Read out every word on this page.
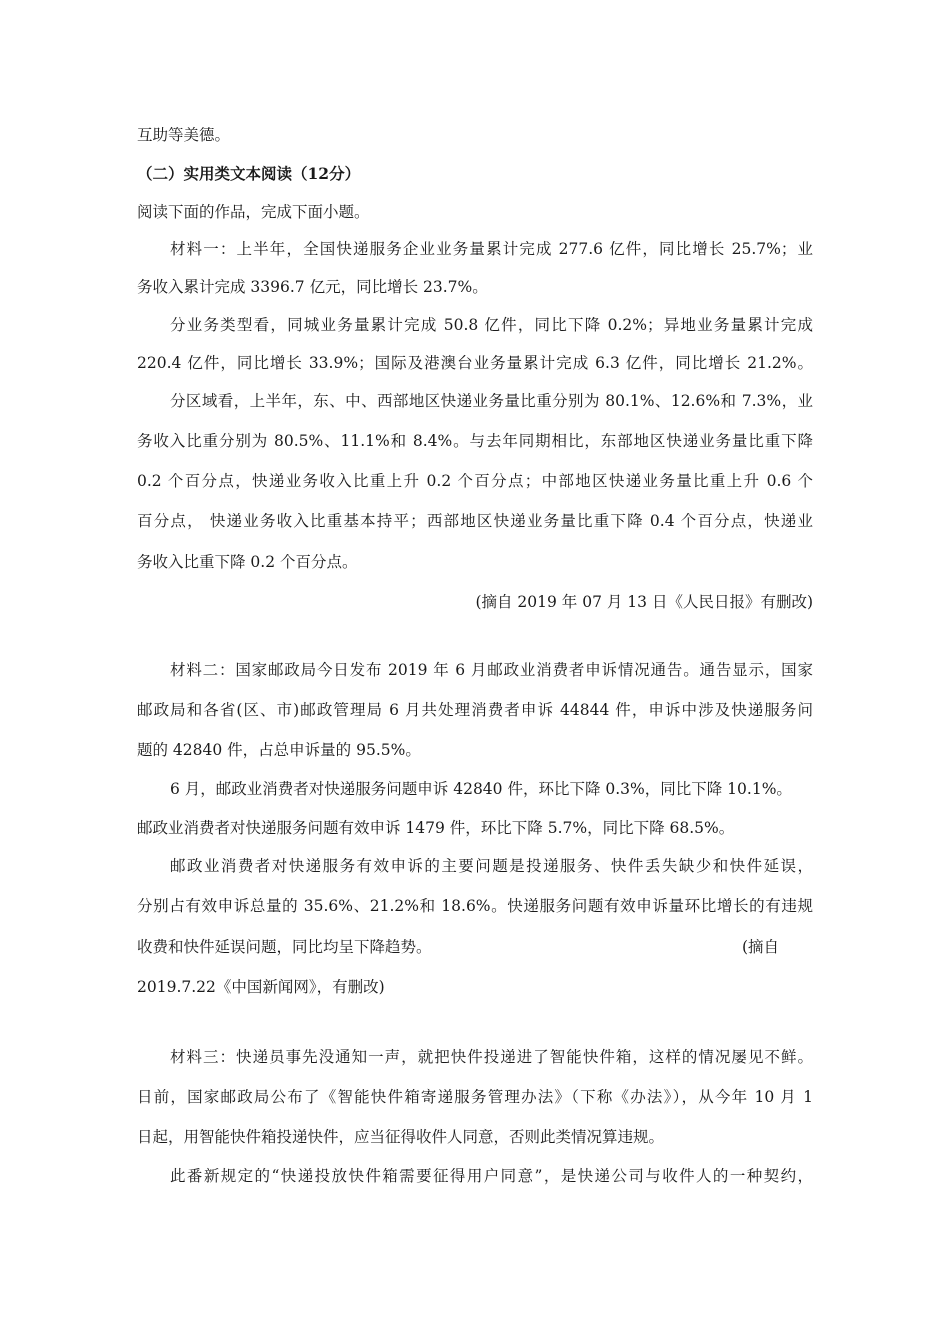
互助等美德。

（二）实用类文本阅读（12分）

阅读下面的作品，完成下面小题。

材料一：上半年，全国快递服务企业业务量累计完成 277.6 亿件，同比增长 25.7%；业

务收入累计完成 3396.7 亿元，同比增长 23.7%。

分业务类型看，同城业务量累计完成 50.8 亿件，同比下降 0.2%；异地业务量累计完成

220.4 亿件，同比增长 33.9%；国际及港澳台业务量累计完成 6.3 亿件，同比增长 21.2%。

分区域看，上半年，东、中、西部地区快递业务量比重分别为 80.1%、12.6%和 7.3%，业

务收入比重分别为 80.5%、11.1%和 8.4%。与去年同期相比，东部地区快递业务量比重下降

0.2 个百分点，快递业务收入比重上升 0.2 个百分点；中部地区快递业务量比重上升 0.6 个

百分点， 快递业务收入比重基本持平；西部地区快递业务量比重下降 0.4 个百分点，快递业

务收入比重下降 0.2 个百分点。

(摘自 2019 年 07 月 13 日《人民日报》有删改)

材料二：国家邮政局今日发布 2019 年 6 月邮政业消费者申诉情况通告。通告显示，国家

邮政局和各省(区、市)邮政管理局 6 月共处理消费者申诉 44844 件，申诉中涉及快递服务问

题的 42840 件，占总申诉量的 95.5%。

6 月，邮政业消费者对快递服务问题申诉 42840 件，环比下降 0.3%，同比下降 10.1%。

邮政业消费者对快递服务问题有效申诉 1479 件，环比下降 5.7%，同比下降 68.5%。

邮政业消费者对快递服务有效申诉的主要问题是投递服务、快件丢失缺少和快件延误，

分别占有效申诉总量的 35.6%、21.2%和 18.6%。快递服务问题有效申诉量环比增长的有违规

收费和快件延误问题，同比均呈下降趋势。	(摘自

2019.7.22《中国新闻网》，有删改)

材料三：快递员事先没通知一声，就把快件投递进了智能快件箱，这样的情况屡见不鲜。

日前，国家邮政局公布了《智能快件箱寄递服务管理办法》（下称《办法》），从今年 10 月 1

日起，用智能快件箱投递快件，应当征得收件人同意，否则此类情况算违规。

此番新规定的“快递投放快件箱需要征得用户同意”，是快递公司与收件人的一种契约，
